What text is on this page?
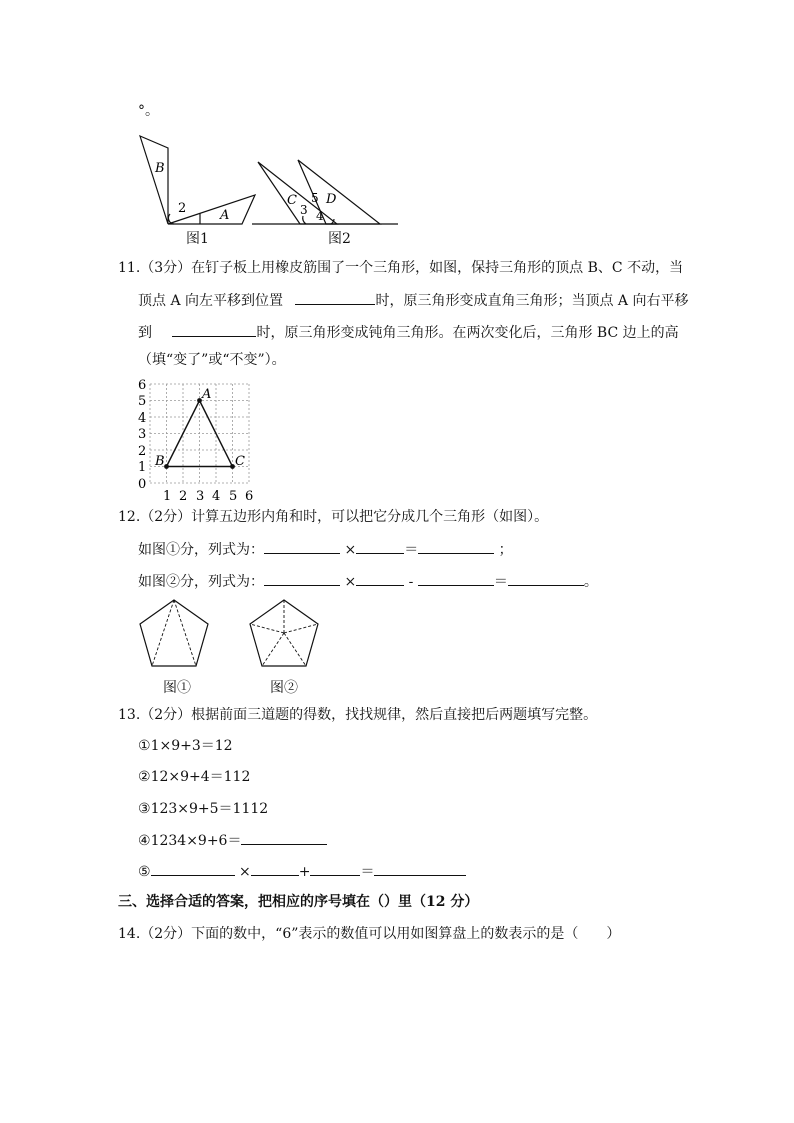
°。
B
2	A
C
3
5 D
4
图1	图2
11.（3分）在钉子板上用橡皮筋围了一个三角形，如图，保持三角形的顶点 B、C 不动，当
顶点 A 向左平移到位置	时，原三角形变成直角三角形；当顶点 A 向右平移
到	时，原三角形变成钝角三角形。在两次变化后，三角形 BC 边上的高
（填“变了”或“不变”）。
A
B	C
0
1
2
3
4
5
6
1 2 3 4 5 6
12.（2分）计算五边形内角和时，可以把它分成几个三角形（如图）。
如图①分，列式为：	×	＝	；
如图②分，列式为：	×	-	＝	。
图①	图②
13.（2分）根据前面三道题的得数，找找规律，然后直接把后两题填写完整。
①1×9+3＝12
②12×9+4＝112
③123×9+5＝1112
④1234×9+6＝
⑤	×	+	＝
三、选择合适的答案，把相应的序号填在（）里（12 分）
14.（2分）下面的数中，“6”表示的数值可以用如图算盘上的数表示的是（　　）
